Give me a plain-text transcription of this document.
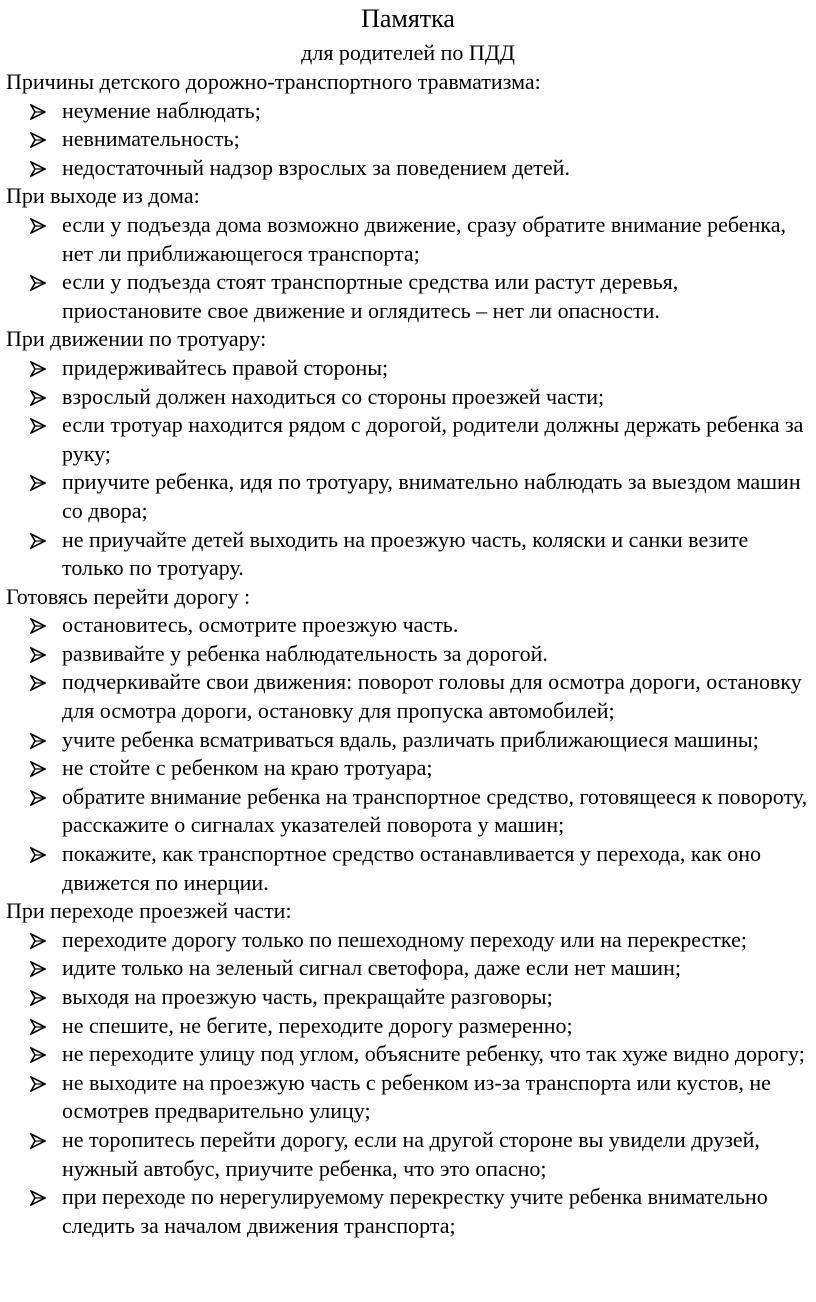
Памятка
для родителей по ПДД
Причины детского дорожно-транспортного травматизма:
неумение наблюдать;
невнимательность;
недостаточный надзор взрослых за поведением детей.
При выходе из дома:
если у подъезда дома возможно движение, сразу обратите внимание ребенка, нет ли приближающегося транспорта;
если у подъезда стоят транспортные средства или растут деревья, приостановите свое движение и оглядитесь – нет ли опасности.
При движении по тротуару:
придерживайтесь правой стороны;
взрослый должен находиться со стороны проезжей части;
если тротуар находится рядом с дорогой, родители должны держать ребенка за руку;
приучите ребенка, идя по тротуару, внимательно наблюдать за выездом машин со двора;
не приучайте детей выходить на проезжую часть, коляски и санки везите только по тротуару.
Готовясь перейти дорогу :
остановитесь, осмотрите проезжую часть.
развивайте у ребенка наблюдательность за дорогой.
подчеркивайте свои движения: поворот головы для осмотра дороги, остановку для осмотра дороги, остановку для пропуска автомобилей;
учите ребенка всматриваться вдаль, различать приближающиеся машины;
не стойте с ребенком на краю тротуара;
обратите внимание ребенка на транспортное средство, готовящееся к повороту, расскажите о сигналах указателей поворота у машин;
покажите, как транспортное средство останавливается у перехода, как оно движется по инерции.
При переходе проезжей части:
переходите дорогу только по пешеходному переходу или на перекрестке;
идите только на зеленый сигнал светофора, даже если нет машин;
выходя на проезжую часть, прекращайте разговоры;
не спешите, не бегите, переходите дорогу размеренно;
не переходите улицу под углом, объясните ребенку, что так хуже видно дорогу;
не выходите на проезжую часть с ребенком из-за транспорта или кустов, не осмотрев предварительно улицу;
не торопитесь перейти дорогу, если на другой стороне вы увидели друзей, нужный автобус, приучите ребенка, что это опасно;
при переходе по нерегулируемому перекрестку учите ребенка внимательно следить за началом движения транспорта;
